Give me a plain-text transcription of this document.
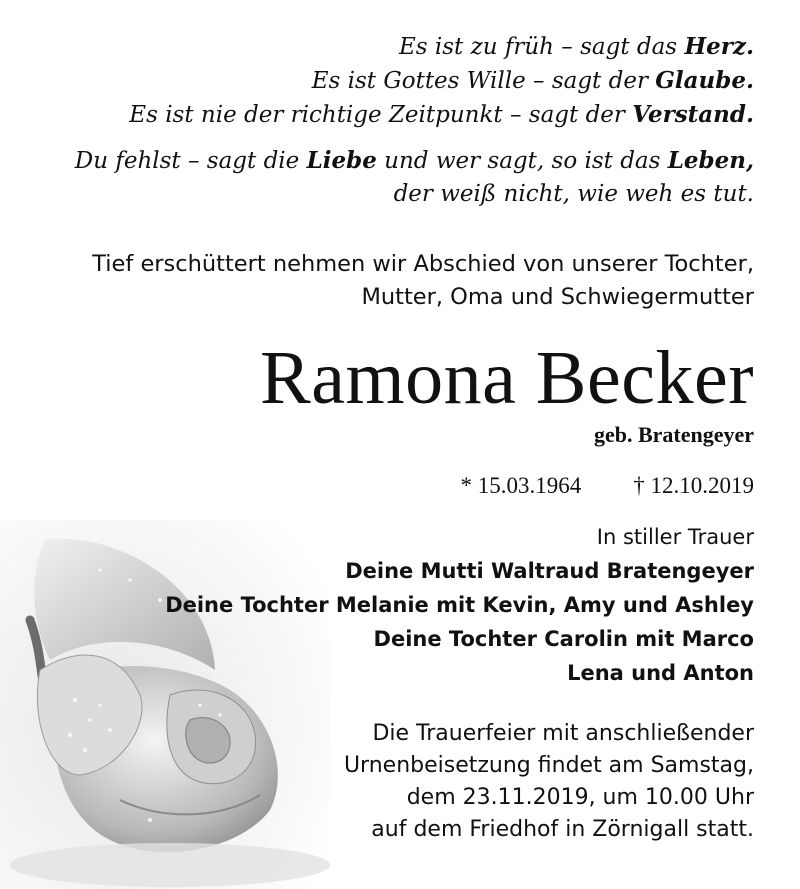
Es ist zu früh – sagt das Herz.
Es ist Gottes Wille – sagt der Glaube.
Es ist nie der richtige Zeitpunkt – sagt der Verstand.
Du fehlst – sagt die Liebe und wer sagt, so ist das Leben,
der weiß nicht, wie weh es tut.
Tief erschüttert nehmen wir Abschied von unserer Tochter,
Mutter, Oma und Schwiegermutter
Ramona Becker
geb. Bratengeyer
* 15.03.1964 † 12.10.2019
In stiller Trauer
Deine Mutti Waltraud Bratengeyer
Deine Tochter Melanie mit Kevin, Amy und Ashley
Deine Tochter Carolin mit Marco
Lena und Anton
Die Trauerfeier mit anschließender
Urnenbeisetzung findet am Samstag,
dem 23.11.2019, um 10.00 Uhr
auf dem Friedhof in Zörnigall statt.
